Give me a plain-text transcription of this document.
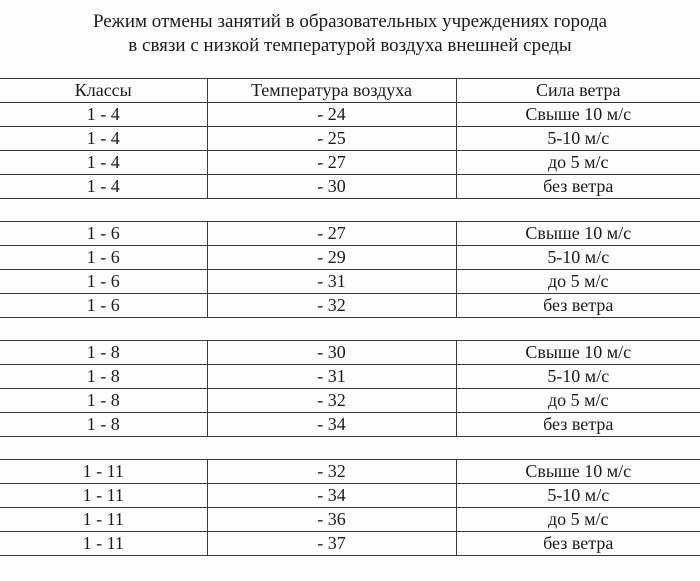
Режим отмены занятий в образовательных учреждениях города
в связи с низкой температурой воздуха внешней среды
Классы	Температура воздуха	Сила ветра
1 - 4	- 24	Свыше 10 м/с
1 - 4	- 25	5-10 м/с
1 - 4	- 27	до 5 м/с
1 - 4	- 30	без ветра

1 - 6	- 27	Свыше 10 м/с
1 - 6	- 29	5-10 м/с
1 - 6	- 31	до 5 м/с
1 - 6	- 32	без ветра

1 - 8	- 30	Свыше 10 м/с
1 - 8	- 31	5-10 м/с
1 - 8	- 32	до 5 м/с
1 - 8	- 34	без ветра

1 - 11	- 32	Свыше 10 м/с
1 - 11	- 34	5-10 м/с
1 - 11	- 36	до 5 м/с
1 - 11	- 37	без ветра
